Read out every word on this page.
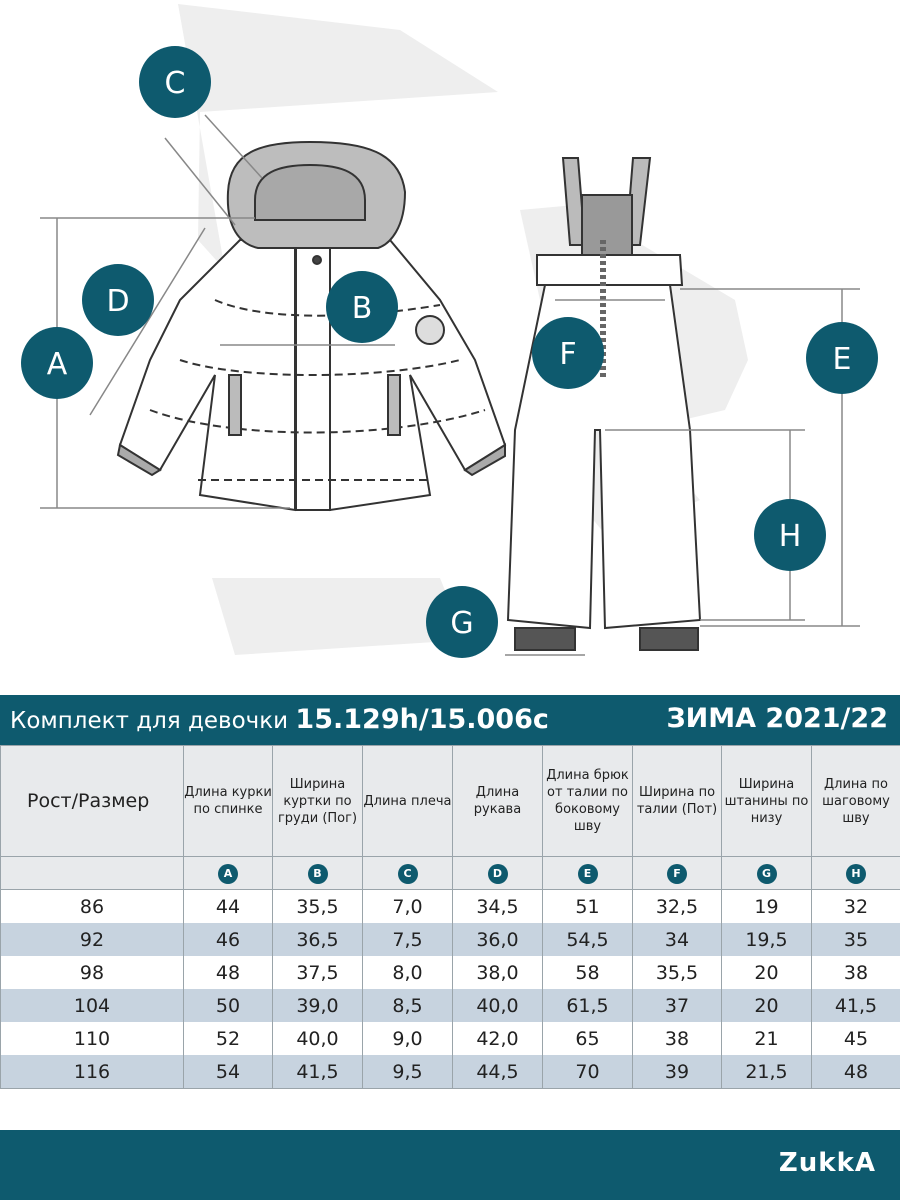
A
B
C
D
E
F
G
H
Комплект для девочки 15.129h/15.006c	ЗИМА 2021/22
Рост/Размер	Длина курки по спинке	Ширина куртки по груди (Пог)	Длина плеча	Длина рукава	Длина брюк от талии по боковому шву	Ширина по талии (Пот)	Ширина штанины по низу	Длина по шаговому шву
	A	B	C	D	E	F	G	H
86	44	35,5	7,0	34,5	51	32,5	19	32
92	46	36,5	7,5	36,0	54,5	34	19,5	35
98	48	37,5	8,0	38,0	58	35,5	20	38
104	50	39,0	8,5	40,0	61,5	37	20	41,5
110	52	40,0	9,0	42,0	65	38	21	45
116	54	41,5	9,5	44,5	70	39	21,5	48
ZukkA
